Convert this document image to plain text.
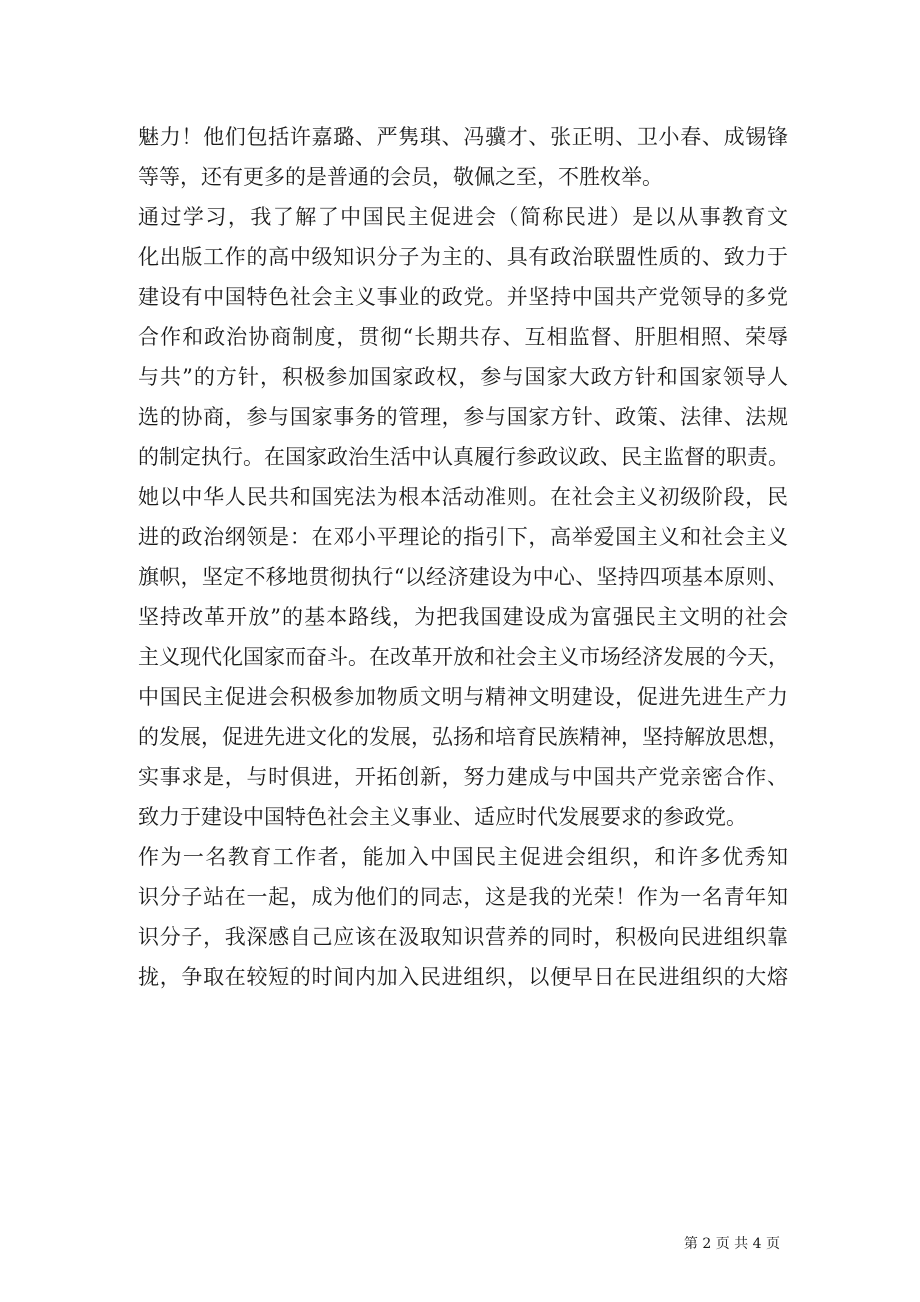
魅力！他们包括许嘉璐、严隽琪、冯骥才、张正明、卫小春、成锡锋
等等，还有更多的是普通的会员，敬佩之至，不胜枚举。

通过学习，我了解了中国民主促进会（简称民进）是以从事教育文
化出版工作的高中级知识分子为主的、具有政治联盟性质的、致力于
建设有中国特色社会主义事业的政党。并坚持中国共产党领导的多党
合作和政治协商制度，贯彻“长期共存、互相监督、肝胆相照、荣辱
与共”的方针，积极参加国家政权，参与国家大政方针和国家领导人
选的协商，参与国家事务的管理，参与国家方针、政策、法律、法规
的制定执行。在国家政治生活中认真履行参政议政、民主监督的职责。
她以中华人民共和国宪法为根本活动准则。在社会主义初级阶段，民
进的政治纲领是：在邓小平理论的指引下，高举爱国主义和社会主义
旗帜，坚定不移地贯彻执行“以经济建设为中心、坚持四项基本原则、
坚持改革开放”的基本路线，为把我国建设成为富强民主文明的社会
主义现代化国家而奋斗。在改革开放和社会主义市场经济发展的今天，
中国民主促进会积极参加物质文明与精神文明建设，促进先进生产力
的发展，促进先进文化的发展，弘扬和培育民族精神，坚持解放思想，
实事求是，与时俱进，开拓创新，努力建成与中国共产党亲密合作、
致力于建设中国特色社会主义事业、适应时代发展要求的参政党。

作为一名教育工作者，能加入中国民主促进会组织，和许多优秀知
识分子站在一起，成为他们的同志，这是我的光荣！作为一名青年知
识分子，我深感自己应该在汲取知识营养的同时，积极向民进组织靠
拢，争取在较短的时间内加入民进组织，以便早日在民进组织的大熔

第 2 页 共 4 页
